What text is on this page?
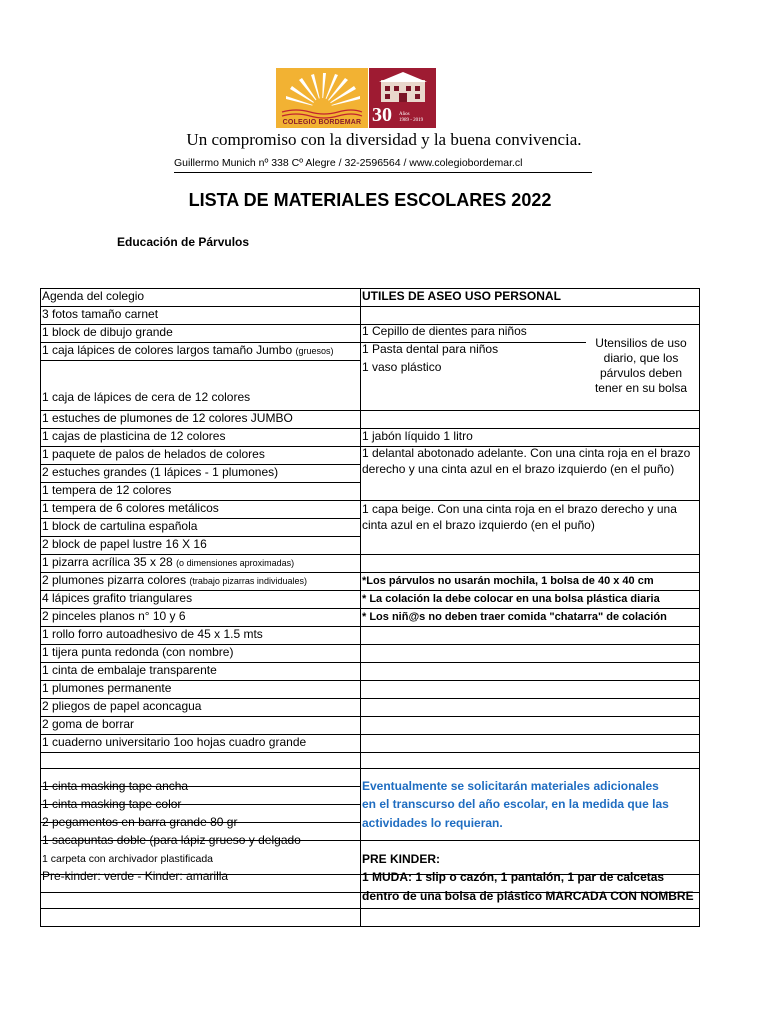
COLEGIO BORDEMAR 30 Años
1989 - 2019
Un compromiso con la diversidad y la buena convivencia.
Guillermo Munich nº 338 Cº Alegre / 32-2596564 / www.colegiobordemar.cl
LISTA DE MATERIALES ESCOLARES 2022
Educación de Párvulos
Agenda del colegio
3 fotos tamaño carnet
1 block de dibujo grande
1 caja lápices de colores largos tamaño Jumbo (gruesos)
1 caja de lápices de cera de 12 colores
1 estuches de plumones de 12 colores JUMBO
1 cajas de plasticina de 12 colores
1 paquete de palos de helados de colores
2 estuches grandes (1 lápices - 1 plumones)
1 tempera de 12 colores
1 tempera de 6 colores metálicos
1 block de cartulina española
2 block de papel lustre 16 X 16
1 pizarra acrílica 35 x 28 (o dimensiones aproximadas)
2 plumones pizarra colores (trabajo pizarras individuales)
4 lápices grafito triangulares
2 pinceles planos n° 10 y 6
1 rollo forro autoadhesivo de 45 x 1.5 mts
1 tijera punta redonda (con nombre)
1 cinta de embalaje transparente
1 plumones permanente
2 pliegos de papel aconcagua
2 goma de borrar
1 cuaderno universitario 1oo hojas cuadro grande
1 cinta masking tape ancha
1 cinta masking tape color
2 pegamentos en barra grande 80 gr
1 sacapuntas doble (para lápiz grueso y delgado
1 carpeta con archivador plastificada
Pre-kinder: verde - Kinder: amarilla
UTILES DE ASEO USO PERSONAL
1 Cepillo de dientes para niños
1 Pasta dental para niños
1 vaso plástico
Utensilios de uso diario, que los párvulos deben tener en su bolsa
1 jabón líquido 1 litro
1 delantal abotonado adelante. Con una cinta roja en el brazo derecho y una cinta azul en el brazo izquierdo (en el puño)
1 capa beige. Con una cinta roja en el brazo derecho y una cinta azul en el brazo izquierdo (en el puño)
*Los párvulos no usarán mochila, 1 bolsa de 40 x 40 cm
* La colación la debe colocar en una bolsa plástica diaria
* Los niñ@s no deben traer comida "chatarra" de colación
Eventualmente se solicitarán materiales adicionales
en el transcurso del año escolar, en la medida que las
actividades lo requieran.
PRE KINDER:
1 MUDA: 1 slip o cazón, 1 pantalón, 1 par de calcetas
dentro de una bolsa de plástico MARCADA CON NOMBRE
